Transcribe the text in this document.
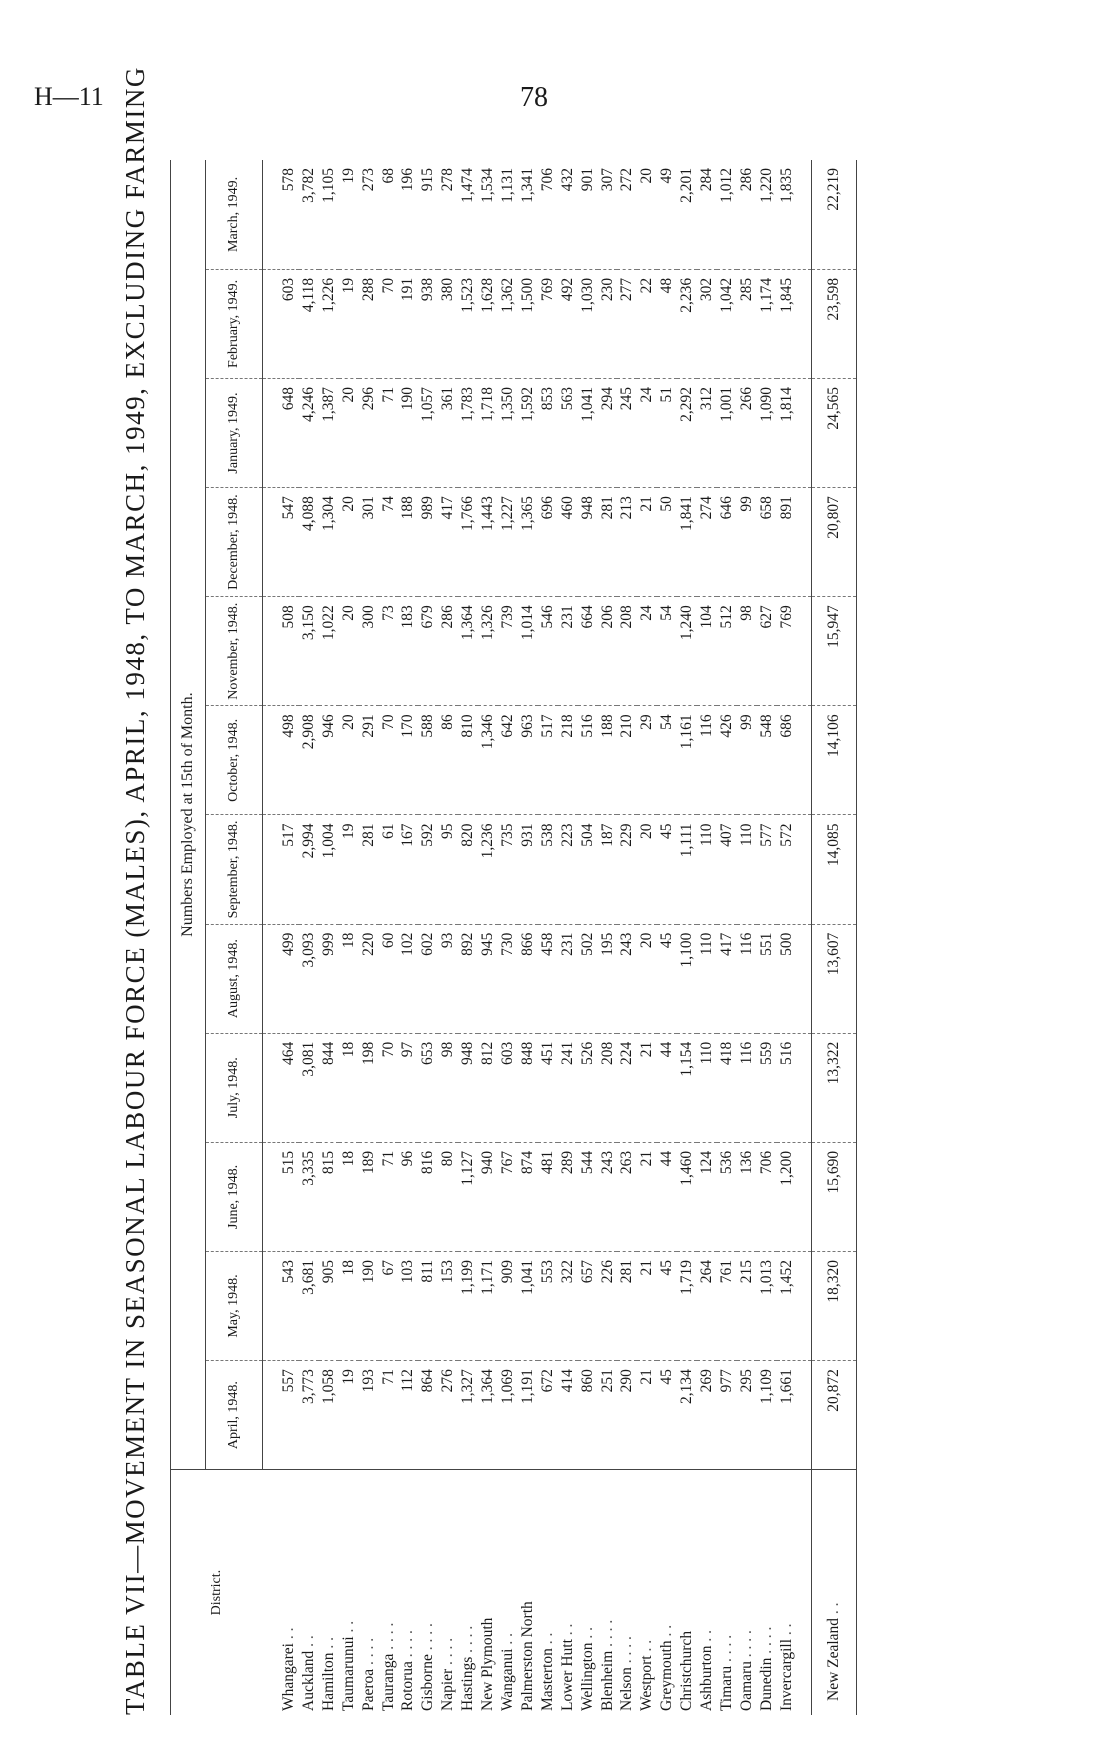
H—11	78
TABLE VII—MOVEMENT IN SEASONAL LABOUR FORCE (MALES), APRIL, 1948, TO MARCH, 1949, EXCLUDING FARMING	District.	Numbers Employed at 15th of Month.											
	April, 1948.	May, 1948.	June, 1948.	July, 1948.	August, 1948.	September, 1948.	October, 1948.	November, 1948.	December, 1948.	January, 1949.	February, 1949.	March, 1949.
Whangarei . .	557	543	515	464	499	517	498	508	547	648	603	578
Auckland . .	3,773	3,681	3,335	3,081	3,093	2,994	2,908	3,150	4,088	4,246	4,118	3,782
Hamilton . .	1,058	905	815	844	999	1,004	946	1,022	1,304	1,387	1,226	1,105
Taumarunui . .	19	18	18	18	18	19	20	20	20	20	19	19
Paeroa . . . .	193	190	189	198	220	281	291	300	301	296	288	273
Tauranga . . . .	71	67	71	70	60	61	70	73	74	71	70	68
Rotorua . . . .	112	103	96	97	102	167	170	183	188	190	191	196
Gisborne . . . .	864	811	816	653	602	592	588	679	989	1,057	938	915
Napier . . . .	276	153	80	98	93	95	86	286	417	361	380	278
Hastings . . . .	1,327	1,199	1,127	948	892	820	810	1,364	1,766	1,783	1,523	1,474
New Plymouth	1,364	1,171	940	812	945	1,236	1,346	1,326	1,443	1,718	1,628	1,534
Wanganui . .	1,069	909	767	603	730	735	642	739	1,227	1,350	1,362	1,131
Palmerston North	1,191	1,041	874	848	866	931	963	1,014	1,365	1,592	1,500	1,341
Masterton . .	672	553	481	451	458	538	517	546	696	853	769	706
Lower Hutt . .	414	322	289	241	231	223	218	231	460	563	492	432
Wellington . .	860	657	544	526	502	504	516	664	948	1,041	1,030	901
Blenheim . . . .	251	226	243	208	195	187	188	206	281	294	230	307
Nelson . . . .	290	281	263	224	243	229	210	208	213	245	277	272
Westport . .	21	21	21	21	20	20	29	24	21	24	22	20
Greymouth . .	45	45	44	44	45	45	54	54	50	51	48	49
Christchurch	2,134	1,719	1,460	1,154	1,100	1,111	1,161	1,240	1,841	2,292	2,236	2,201
Ashburton . .	269	264	124	110	110	110	116	104	274	312	302	284
Timaru . . . .	977	761	536	418	417	407	426	512	646	1,001	1,042	1,012
Oamaru . . . .	295	215	136	116	116	110	99	98	99	266	285	286
Dunedin . . . .	1,109	1,013	706	559	551	577	548	627	658	1,090	1,174	1,220
Invercargill . .	1,661	1,452	1,200	516	500	572	686	769	891	1,814	1,845	1,835
New Zealand . .	20,872	18,320	15,690	13,322	13,607	14,085	14,106	15,947	20,807	24,565	23,598	22,219
